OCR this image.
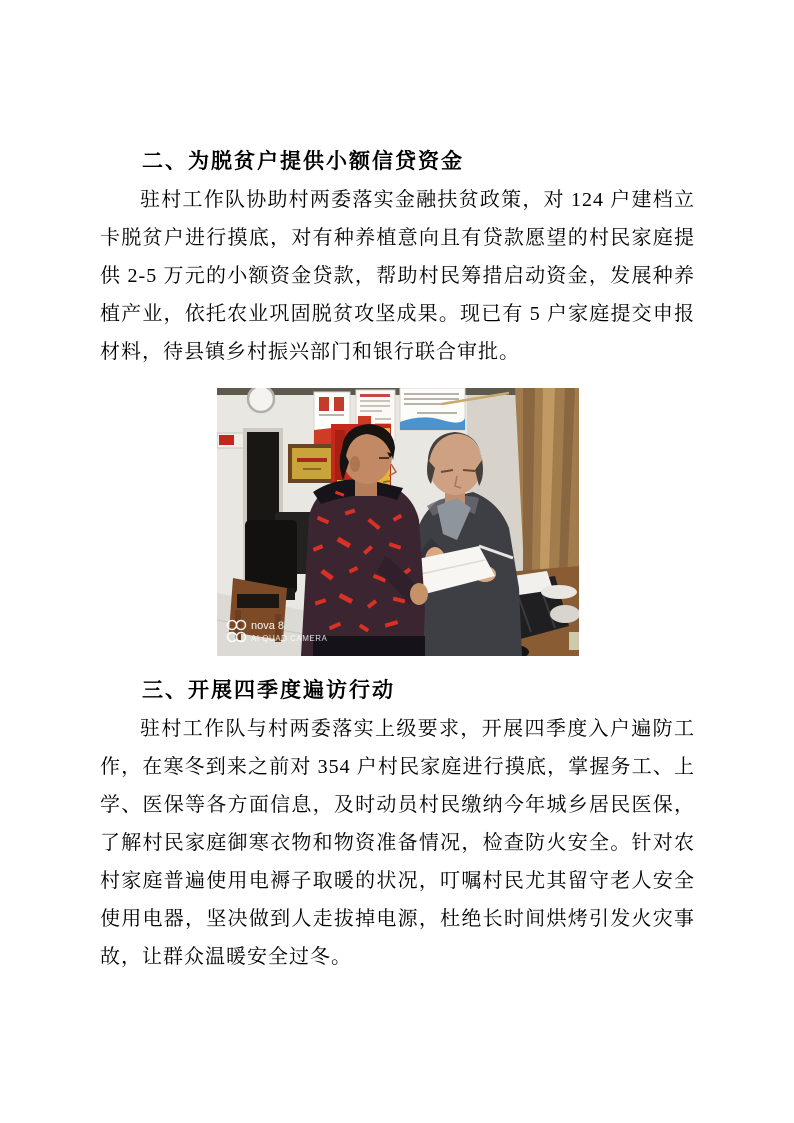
二、为脱贫户提供小额信贷资金

驻村工作队协助村两委落实金融扶贫政策，对 124 户建档立卡脱贫户进行摸底，对有种养植意向且有贷款愿望的村民家庭提供 2-5 万元的小额资金贷款，帮助村民筹措启动资金，发展种养植产业，依托农业巩固脱贫攻坚成果。现已有 5 户家庭提交申报材料，待县镇乡村振兴部门和银行联合审批。

nova 8
AI QUAD CAMERA
三、开展四季度遍访行动

驻村工作队与村两委落实上级要求，开展四季度入户遍防工作，在寒冬到来之前对 354 户村民家庭进行摸底，掌握务工、上学、医保等各方面信息，及时动员村民缴纳今年城乡居民医保，了解村民家庭御寒衣物和物资准备情况，检查防火安全。针对农村家庭普遍使用电褥子取暖的状况，叮嘱村民尤其留守老人安全使用电器，坚决做到人走拔掉电源，杜绝长时间烘烤引发火灾事故，让群众温暖安全过冬。
